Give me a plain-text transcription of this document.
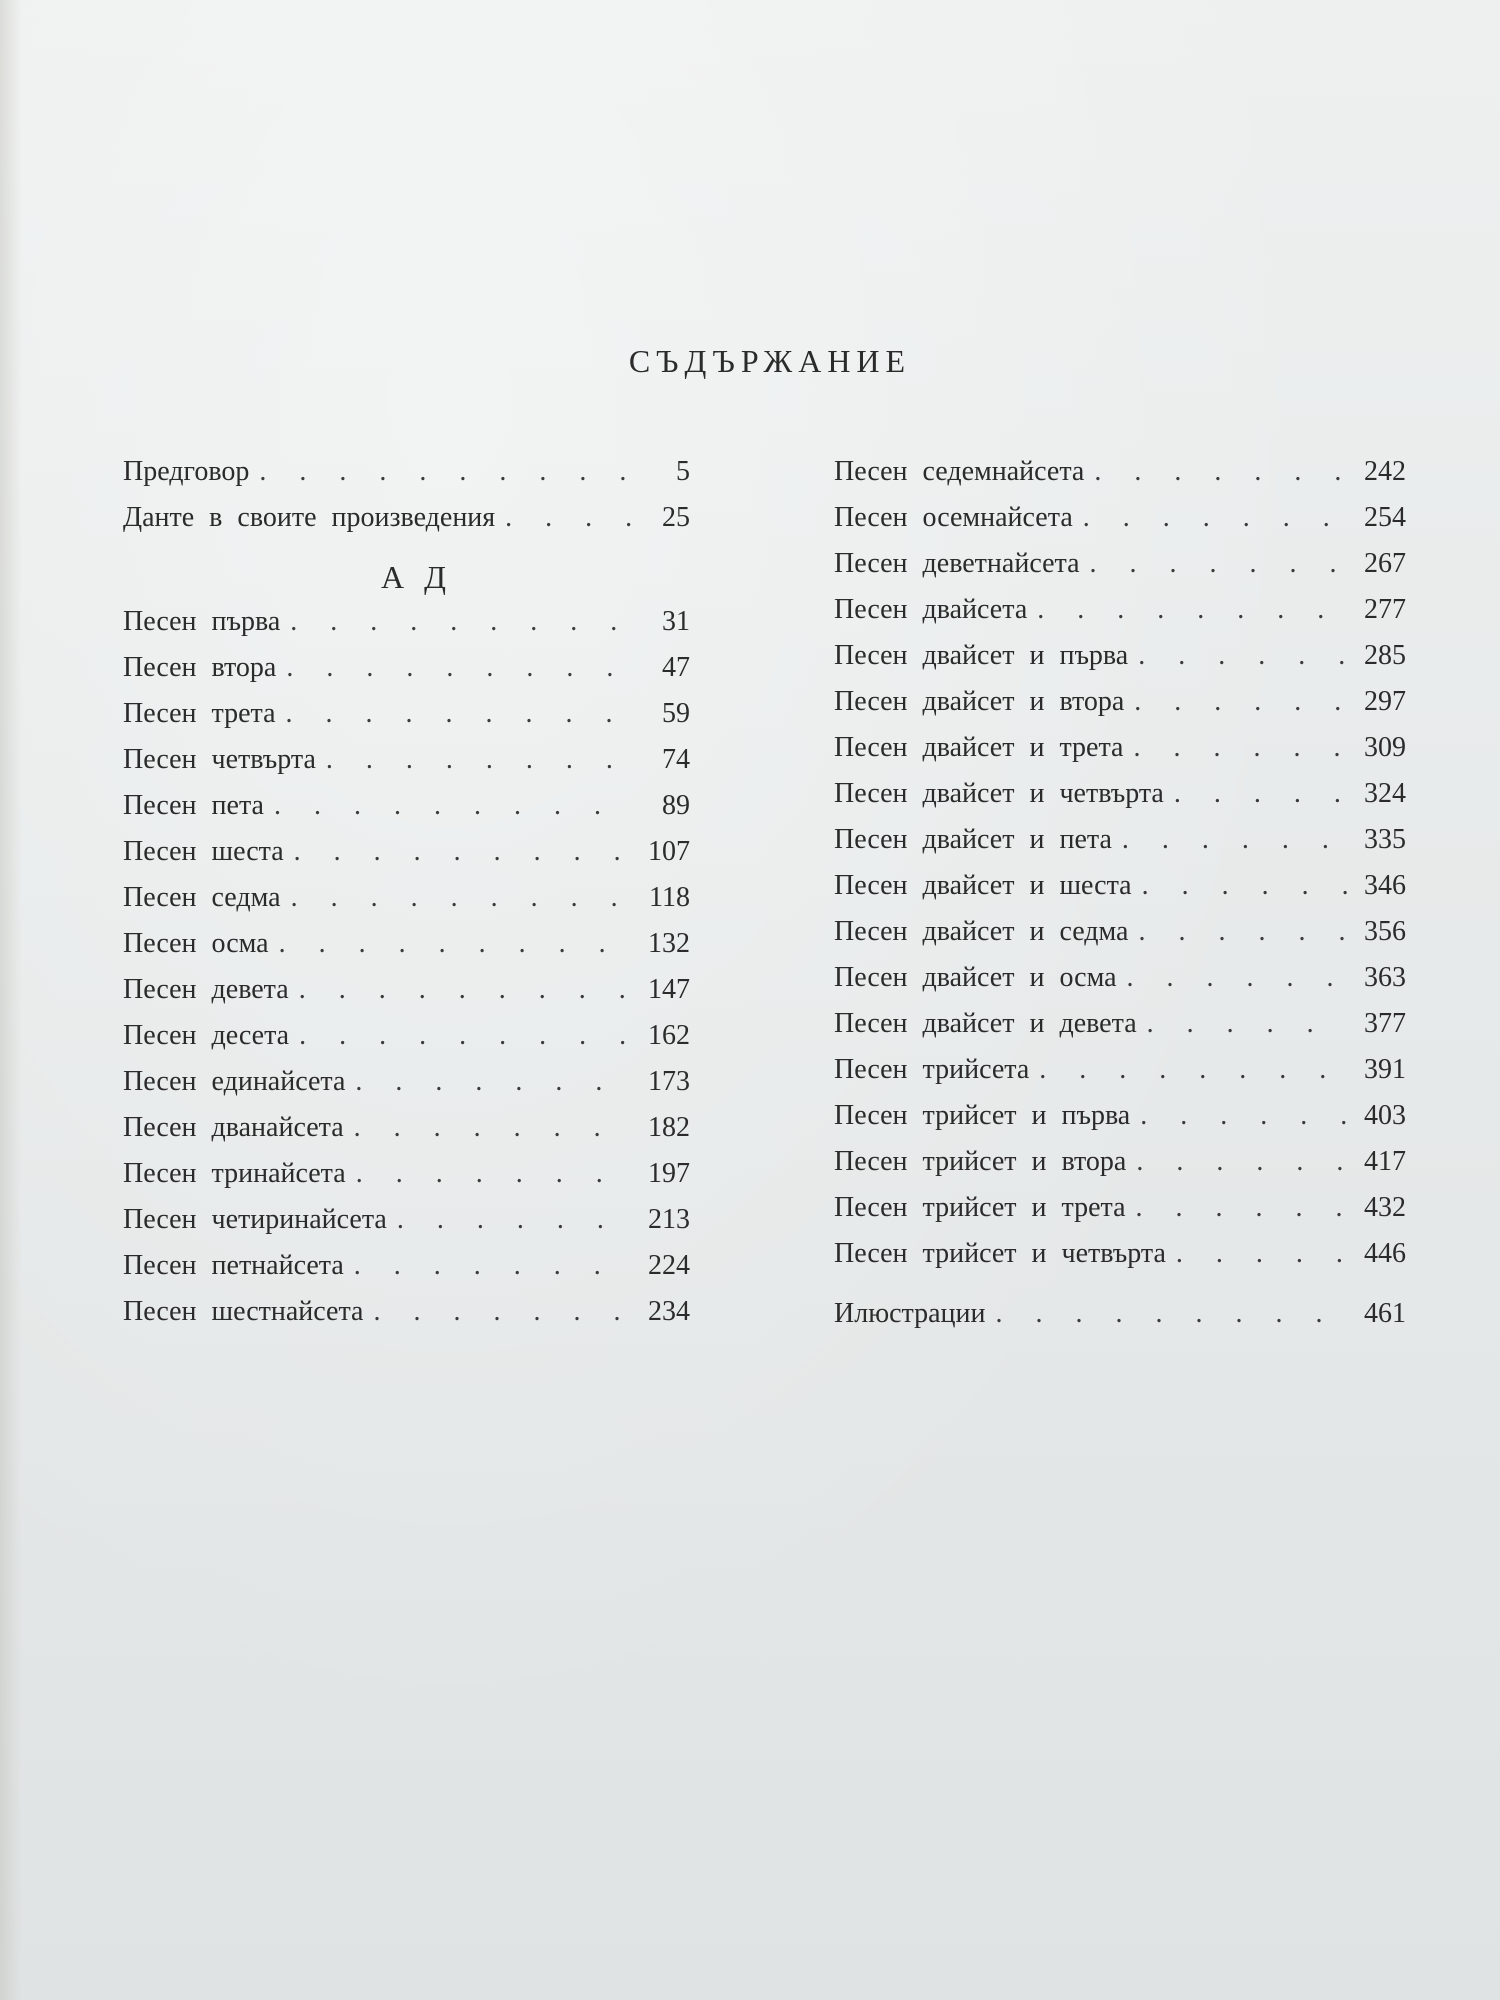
СЪДЪРЖАНИЕ
Предговор . . .	5
Данте в своите произведения . . .	25
А Д
Песен първа . . .	31
Песен втора . . .	47
Песен трета . . .	59
Песен четвърта . . .	74
Песен пета . . .	89
Песен шеста . . .	107
Песен седма . . .	118
Песен осма . . .	132
Песен девета . . .	147
Песен десета . . .	162
Песен единайсета . . .	173
Песен дванайсета . . .	182
Песен тринайсета . . .	197
Песен четиринайсета . . .	213
Песен петнайсета . . .	224
Песен шестнайсета . . .	234
Песен седемнайсета . . .	242
Песен осемнайсета . . .	254
Песен деветнайсета . . .	267
Песен двайсета . . .	277
Песен двайсет и първа . . .	285
Песен двайсет и втора . . .	297
Песен двайсет и трета . . .	309
Песен двайсет и четвърта . . .	324
Песен двайсет и пета . . .	335
Песен двайсет и шеста . . .	346
Песен двайсет и седма . . .	356
Песен двайсет и осма . . .	363
Песен двайсет и девета . . .	377
Песен трийсета . . .	391
Песен трийсет и първа . . .	403
Песен трийсет и втора . . .	417
Песен трийсет и трета . . .	432
Песен трийсет и четвърта . . .	446
Илюстрации . . .	461
